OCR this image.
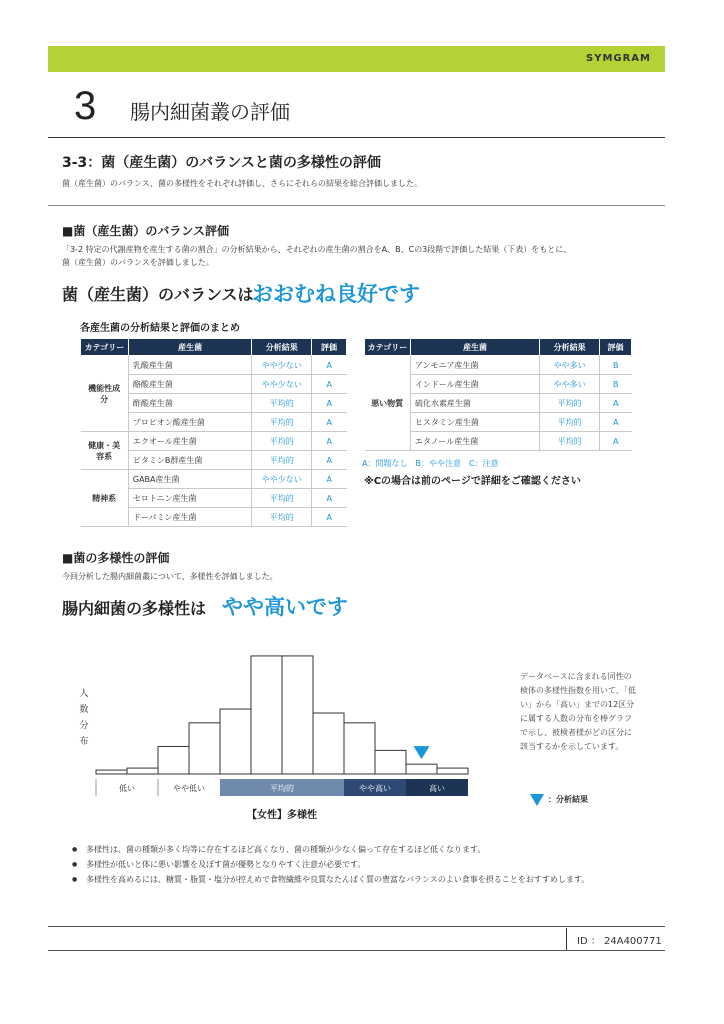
SYMGRAM
3 腸内細菌叢の評価
3-3：菌（産生菌）のバランスと菌の多様性の評価
菌（産生菌）のバランス、菌の多様性をそれぞれ評価し、さらにそれらの結果を総合評価しました。
■菌（産生菌）のバランス評価
「3-2 特定の代謝産物を産生する菌の割合」の分析結果から、それぞれの産生菌の割合をA、B、Cの3段階で評価した結果（下表）をもとに、
菌（産生菌）のバランスを評価しました。
菌（産生菌）のバランスは
おおむね良好です
各産生菌の分析結果と評価のまとめ
カテゴリー	産生菌	分析結果	評価
機能性成分	乳酸産生菌	やや少ない	A
	酪酸産生菌	やや少ない	A
	酢酸産生菌	平均的	A
	プロピオン酸産生菌	平均的	A
健康・美容系	エクオール産生菌	平均的	A
	ビタミンB群産生菌	平均的	A
精神系	GABA産生菌	やや少ない	A
	セロトニン産生菌	平均的	A
	ドーパミン産生菌	平均的	A
カテゴリー	産生菌	分析結果	評価
悪い物質	アンモニア産生菌	やや多い	B
	インドール産生菌	やや多い	B
	硫化水素産生菌	平均的	A
	ヒスタミン産生菌	平均的	A
	エタノール産生菌	平均的	A
A：問題なし　B：やや注意　C：注意
※Cの場合は前のページで詳細をご確認ください
■菌の多様性の評価
今回分析した腸内細菌叢について、多様性を評価しました。
腸内細菌の多様性は やや高いです
人
数
分
布
低い	やや低い	平均的	やや高い	高い
【女性】多様性
データベースに含まれる同性の検体の多様性指数を用いて、「低い」から「高い」までの12区分に属する人数の分布を棒グラフで示し、被検者様がどの区分に該当するかを示しています。
：分析結果
● 多様性は、菌の種類が多く均等に存在するほど高くなり、菌の種類が少なく偏って存在するほど低くなります。
● 多様性が低いと体に悪い影響を及ぼす菌が優勢となりやすく注意が必要です。
● 多様性を高めるには、糖質・脂質・塩分が控えめで食物繊維や良質なたんぱく質の豊富なバランスのよい食事を摂ることをおすすめします。
ID ： 24A400771
